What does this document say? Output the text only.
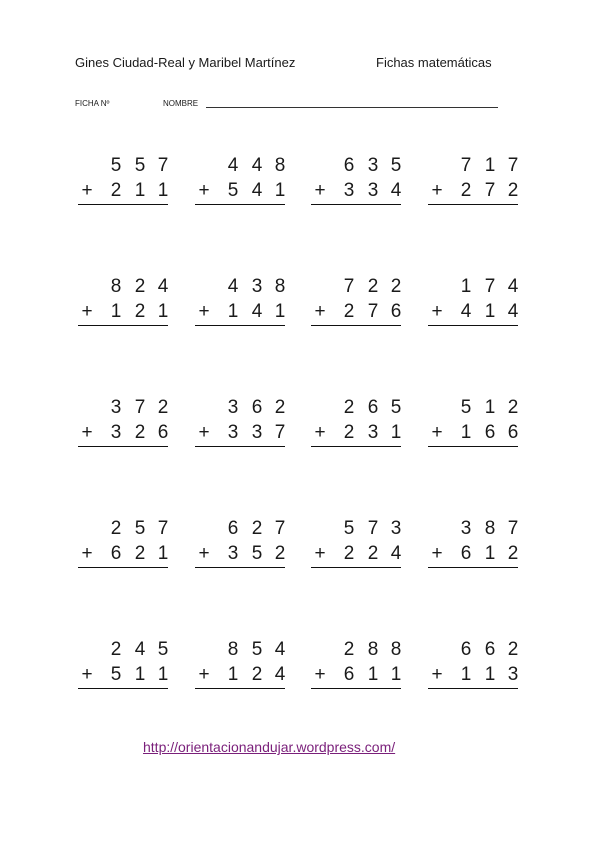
Gines Ciudad-Real y Maribel Martínez	Fichas matemáticas
FICHA Nº	NOMBRE
5 5 7
+ 2 1 1
4 4 8
+ 5 4 1
6 3 5
+ 3 3 4
7 1 7
+ 2 7 2
8 2 4
+ 1 2 1
4 3 8
+ 1 4 1
7 2 2
+ 2 7 6
1 7 4
+ 4 1 4
3 7 2
+ 3 2 6
3 6 2
+ 3 3 7
2 6 5
+ 2 3 1
5 1 2
+ 1 6 6
2 5 7
+ 6 2 1
6 2 7
+ 3 5 2
5 7 3
+ 2 2 4
3 8 7
+ 6 1 2
2 4 5
+ 5 1 1
8 5 4
+ 1 2 4
2 8 8
+ 6 1 1
6 6 2
+ 1 1 3
http://orientacionandujar.wordpress.com/
